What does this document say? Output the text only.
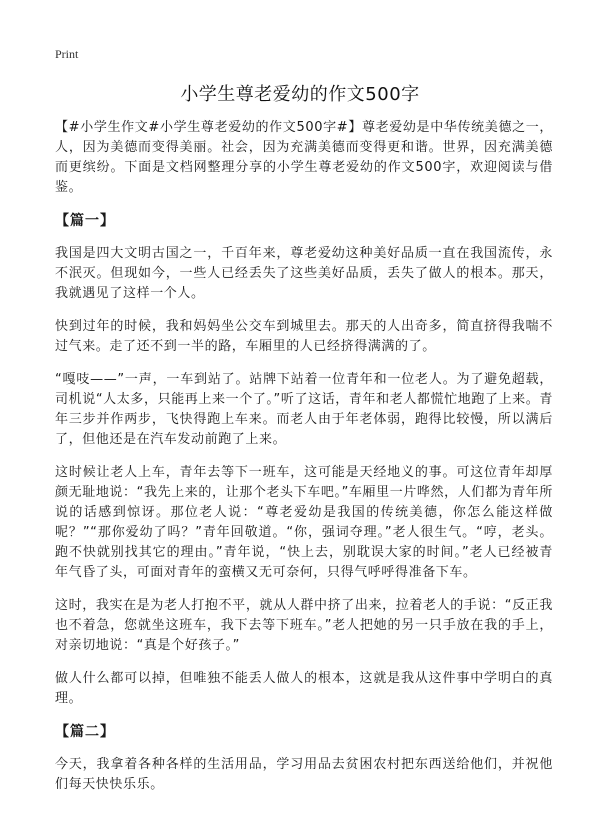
Print
小学生尊老爱幼的作文500字

【#小学生作文#小学生尊老爱幼的作文500字#】尊老爱幼是中华传统美德之一，人，因为美德而变得美丽。社会，因为充满美德而变得更和谐。世界，因充满美德而更缤纷。下面是文档网整理分享的小学生尊老爱幼的作文500字，欢迎阅读与借鉴。

【篇一】

我国是四大文明古国之一，千百年来，尊老爱幼这种美好品质一直在我国流传，永不泯灭。但现如今，一些人已经丢失了这些美好品质，丢失了做人的根本。那天，我就遇见了这样一个人。

快到过年的时候，我和妈妈坐公交车到城里去。那天的人出奇多，简直挤得我喘不过气来。走了还不到一半的路，车厢里的人已经挤得满满的了。

“嘎吱——”一声，一车到站了。站牌下站着一位青年和一位老人。为了避免超载，司机说“人太多，只能再上来一个了。”听了这话，青年和老人都慌忙地跑了上来。青年三步并作两步，飞快得跑上车来。而老人由于年老体弱，跑得比较慢，所以满后了，但他还是在汽车发动前跑了上来。

这时候让老人上车，青年去等下一班车，这可能是天经地义的事。可这位青年却厚颜无耻地说：“我先上来的，让那个老头下车吧。”车厢里一片哗然，人们都为青年所说的话感到惊讶。那位老人说：“尊老爱幼是我国的传统美德，你怎么能这样做呢？”“那你爱幼了吗？”青年回敬道。“你，强词夺理。”老人很生气。“哼，老头。跑不快就别找其它的理由。”青年说，“快上去，别耽误大家的时间。”老人已经被青年气昏了头，可面对青年的蛮横又无可奈何，只得气呼呼得准备下车。

这时，我实在是为老人打抱不平，就从人群中挤了出来，拉着老人的手说：“反正我也不着急，您就坐这班车，我下去等下班车。”老人把她的另一只手放在我的手上，对亲切地说：“真是个好孩子。”

做人什么都可以掉，但唯独不能丢人做人的根本，这就是我从这件事中学明白的真理。

【篇二】

今天，我拿着各种各样的生活用品，学习用品去贫困农村把东西送给他们，并祝他们每天快快乐乐。
